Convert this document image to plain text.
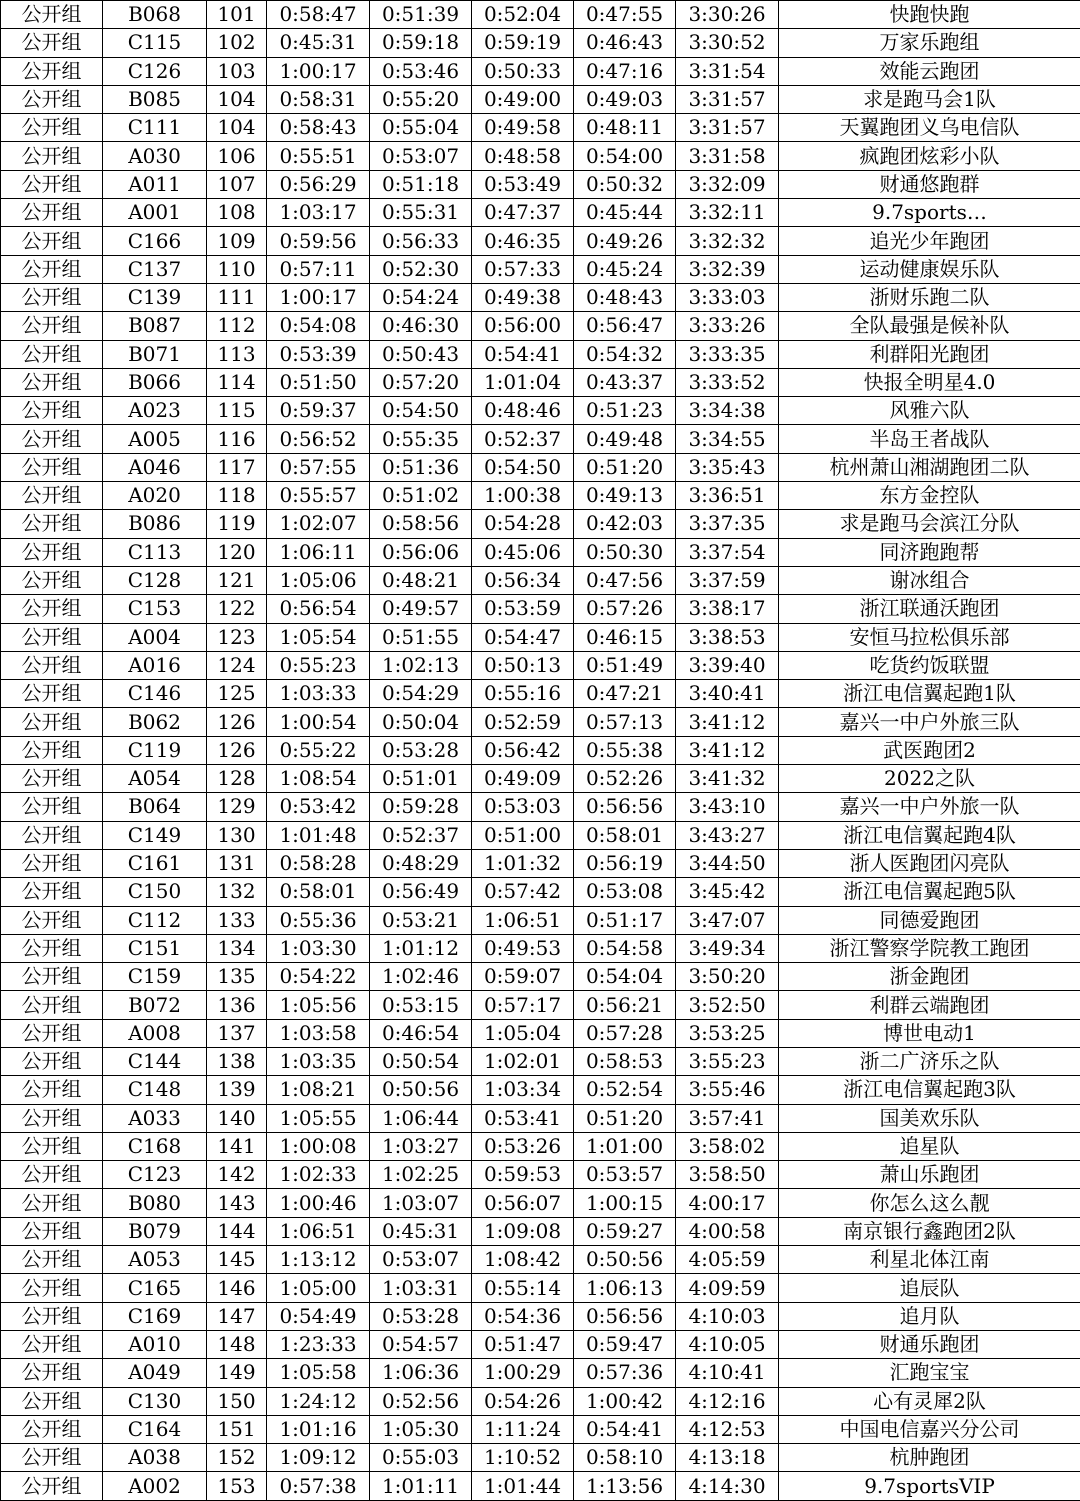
公开组	B068	101	0:58:47	0:51:39	0:52:04	0:47:55	3:30:26	快跑快跑
公开组	C115	102	0:45:31	0:59:18	0:59:19	0:46:43	3:30:52	万家乐跑组
公开组	C126	103	1:00:17	0:53:46	0:50:33	0:47:16	3:31:54	效能云跑团
公开组	B085	104	0:58:31	0:55:20	0:49:00	0:49:03	3:31:57	求是跑马会1队
公开组	C111	104	0:58:43	0:55:04	0:49:58	0:48:11	3:31:57	天翼跑团义乌电信队
公开组	A030	106	0:55:51	0:53:07	0:48:58	0:54:00	3:31:58	疯跑团炫彩小队
公开组	A011	107	0:56:29	0:51:18	0:53:49	0:50:32	3:32:09	财通悠跑群
公开组	A001	108	1:03:17	0:55:31	0:47:37	0:45:44	3:32:11	9.7sports…
公开组	C166	109	0:59:56	0:56:33	0:46:35	0:49:26	3:32:32	追光少年跑团
公开组	C137	110	0:57:11	0:52:30	0:57:33	0:45:24	3:32:39	运动健康娱乐队
公开组	C139	111	1:00:17	0:54:24	0:49:38	0:48:43	3:33:03	浙财乐跑二队
公开组	B087	112	0:54:08	0:46:30	0:56:00	0:56:47	3:33:26	全队最强是候补队
公开组	B071	113	0:53:39	0:50:43	0:54:41	0:54:32	3:33:35	利群阳光跑团
公开组	B066	114	0:51:50	0:57:20	1:01:04	0:43:37	3:33:52	快报全明星4.0
公开组	A023	115	0:59:37	0:54:50	0:48:46	0:51:23	3:34:38	风雅六队
公开组	A005	116	0:56:52	0:55:35	0:52:37	0:49:48	3:34:55	半岛王者战队
公开组	A046	117	0:57:55	0:51:36	0:54:50	0:51:20	3:35:43	杭州萧山湘湖跑团二队
公开组	A020	118	0:55:57	0:51:02	1:00:38	0:49:13	3:36:51	东方金控队
公开组	B086	119	1:02:07	0:58:56	0:54:28	0:42:03	3:37:35	求是跑马会滨江分队
公开组	C113	120	1:06:11	0:56:06	0:45:06	0:50:30	3:37:54	同济跑跑帮
公开组	C128	121	1:05:06	0:48:21	0:56:34	0:47:56	3:37:59	谢冰组合
公开组	C153	122	0:56:54	0:49:57	0:53:59	0:57:26	3:38:17	浙江联通沃跑团
公开组	A004	123	1:05:54	0:51:55	0:54:47	0:46:15	3:38:53	安恒马拉松俱乐部
公开组	A016	124	0:55:23	1:02:13	0:50:13	0:51:49	3:39:40	吃货约饭联盟
公开组	C146	125	1:03:33	0:54:29	0:55:16	0:47:21	3:40:41	浙江电信翼起跑1队
公开组	B062	126	1:00:54	0:50:04	0:52:59	0:57:13	3:41:12	嘉兴一中户外旅三队
公开组	C119	126	0:55:22	0:53:28	0:56:42	0:55:38	3:41:12	武医跑团2
公开组	A054	128	1:08:54	0:51:01	0:49:09	0:52:26	3:41:32	2022之队
公开组	B064	129	0:53:42	0:59:28	0:53:03	0:56:56	3:43:10	嘉兴一中户外旅一队
公开组	C149	130	1:01:48	0:52:37	0:51:00	0:58:01	3:43:27	浙江电信翼起跑4队
公开组	C161	131	0:58:28	0:48:29	1:01:32	0:56:19	3:44:50	浙人医跑团闪亮队
公开组	C150	132	0:58:01	0:56:49	0:57:42	0:53:08	3:45:42	浙江电信翼起跑5队
公开组	C112	133	0:55:36	0:53:21	1:06:51	0:51:17	3:47:07	同德爱跑团
公开组	C151	134	1:03:30	1:01:12	0:49:53	0:54:58	3:49:34	浙江警察学院教工跑团
公开组	C159	135	0:54:22	1:02:46	0:59:07	0:54:04	3:50:20	浙金跑团
公开组	B072	136	1:05:56	0:53:15	0:57:17	0:56:21	3:52:50	利群云端跑团
公开组	A008	137	1:03:58	0:46:54	1:05:04	0:57:28	3:53:25	博世电动1
公开组	C144	138	1:03:35	0:50:54	1:02:01	0:58:53	3:55:23	浙二广济乐之队
公开组	C148	139	1:08:21	0:50:56	1:03:34	0:52:54	3:55:46	浙江电信翼起跑3队
公开组	A033	140	1:05:55	1:06:44	0:53:41	0:51:20	3:57:41	国美欢乐队
公开组	C168	141	1:00:08	1:03:27	0:53:26	1:01:00	3:58:02	追星队
公开组	C123	142	1:02:33	1:02:25	0:59:53	0:53:57	3:58:50	萧山乐跑团
公开组	B080	143	1:00:46	1:03:07	0:56:07	1:00:15	4:00:17	你怎么这么靓
公开组	B079	144	1:06:51	0:45:31	1:09:08	0:59:27	4:00:58	南京银行鑫跑团2队
公开组	A053	145	1:13:12	0:53:07	1:08:42	0:50:56	4:05:59	利星北体江南
公开组	C165	146	1:05:00	1:03:31	0:55:14	1:06:13	4:09:59	追辰队
公开组	C169	147	0:54:49	0:53:28	0:54:36	0:56:56	4:10:03	追月队
公开组	A010	148	1:23:33	0:54:57	0:51:47	0:59:47	4:10:05	财通乐跑团
公开组	A049	149	1:05:58	1:06:36	1:00:29	0:57:36	4:10:41	汇跑宝宝
公开组	C130	150	1:24:12	0:52:56	0:54:26	1:00:42	4:12:16	心有灵犀2队
公开组	C164	151	1:01:16	1:05:30	1:11:24	0:54:41	4:12:53	中国电信嘉兴分公司
公开组	A038	152	1:09:12	0:55:03	1:10:52	0:58:10	4:13:18	杭肿跑团
公开组	A002	153	0:57:38	1:01:11	1:01:44	1:13:56	4:14:30	9.7sportsVIP
